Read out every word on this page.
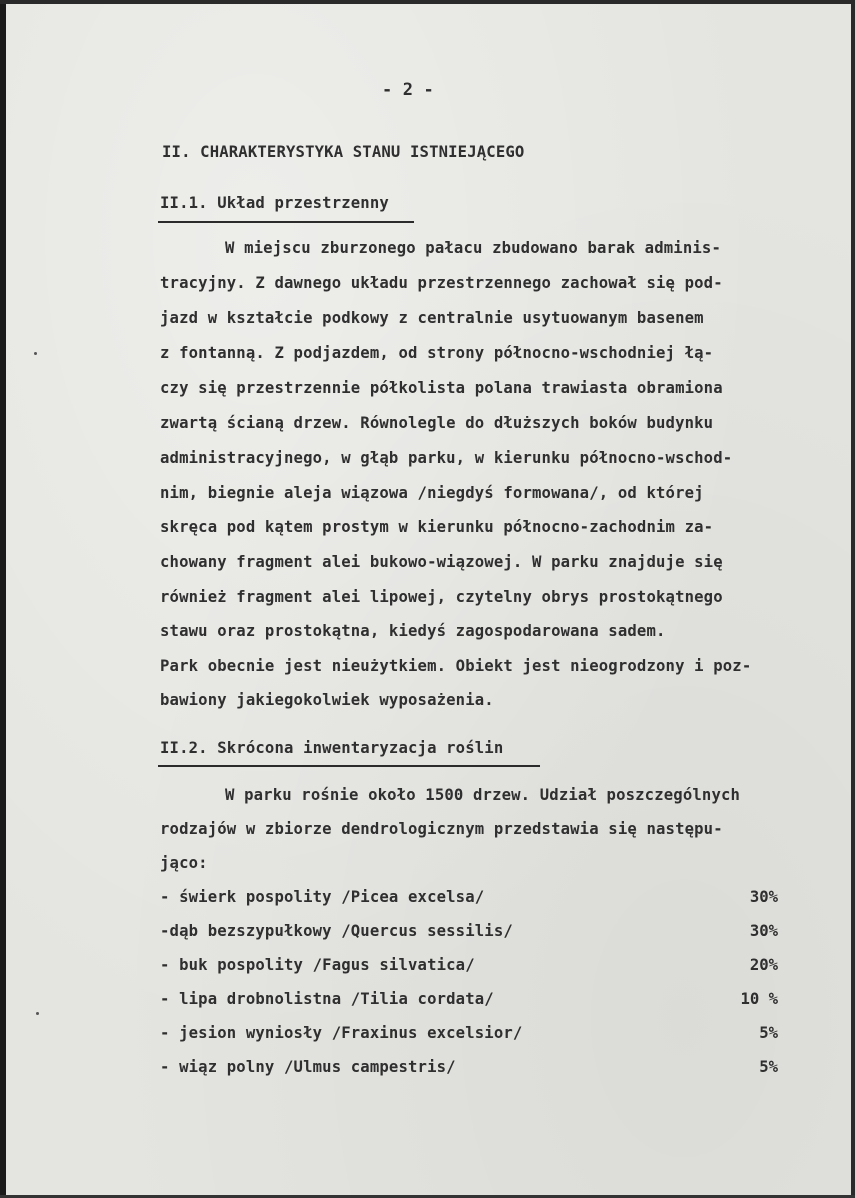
- 2 -
II. CHARAKTERYSTYKA STANU ISTNIEJĄCEGO
II.1. Układ przestrzenny
W miejscu zburzonego pałacu zbudowano barak adminis-
tracyjny. Z dawnego układu przestrzennego zachował się pod-
jazd w kształcie podkowy z centralnie usytuowanym basenem
z fontanną. Z podjazdem, od strony północno-wschodniej łą-
czy się przestrzennie półkolista polana trawiasta obramiona
zwartą ścianą drzew. Równolegle do dłuższych boków budynku
administracyjnego, w głąb parku, w kierunku północno-wschod-
nim, biegnie aleja wiązowa /niegdyś formowana/, od której
skręca pod kątem prostym w kierunku północno-zachodnim za-
chowany fragment alei bukowo-wiązowej. W parku znajduje się
również fragment alei lipowej, czytelny obrys prostokątnego
stawu oraz prostokątna, kiedyś zagospodarowana sadem.
Park obecnie jest nieużytkiem. Obiekt jest nieogrodzony i poz-
bawiony jakiegokolwiek wyposażenia.
II.2. Skrócona inwentaryzacja roślin
W parku rośnie około 1500 drzew. Udział poszczególnych
rodzajów w zbiorze dendrologicznym przedstawia się następu-
jąco:
- świerk pospolity /Picea excelsa/	30%
-dąb bezszypułkowy /Quercus sessilis/	30%
- buk pospolity /Fagus silvatica/	20%
- lipa drobnolistna /Tilia cordata/	10 %
- jesion wyniosły /Fraxinus excelsior/	5%
- wiąz polny /Ulmus campestris/	5%
